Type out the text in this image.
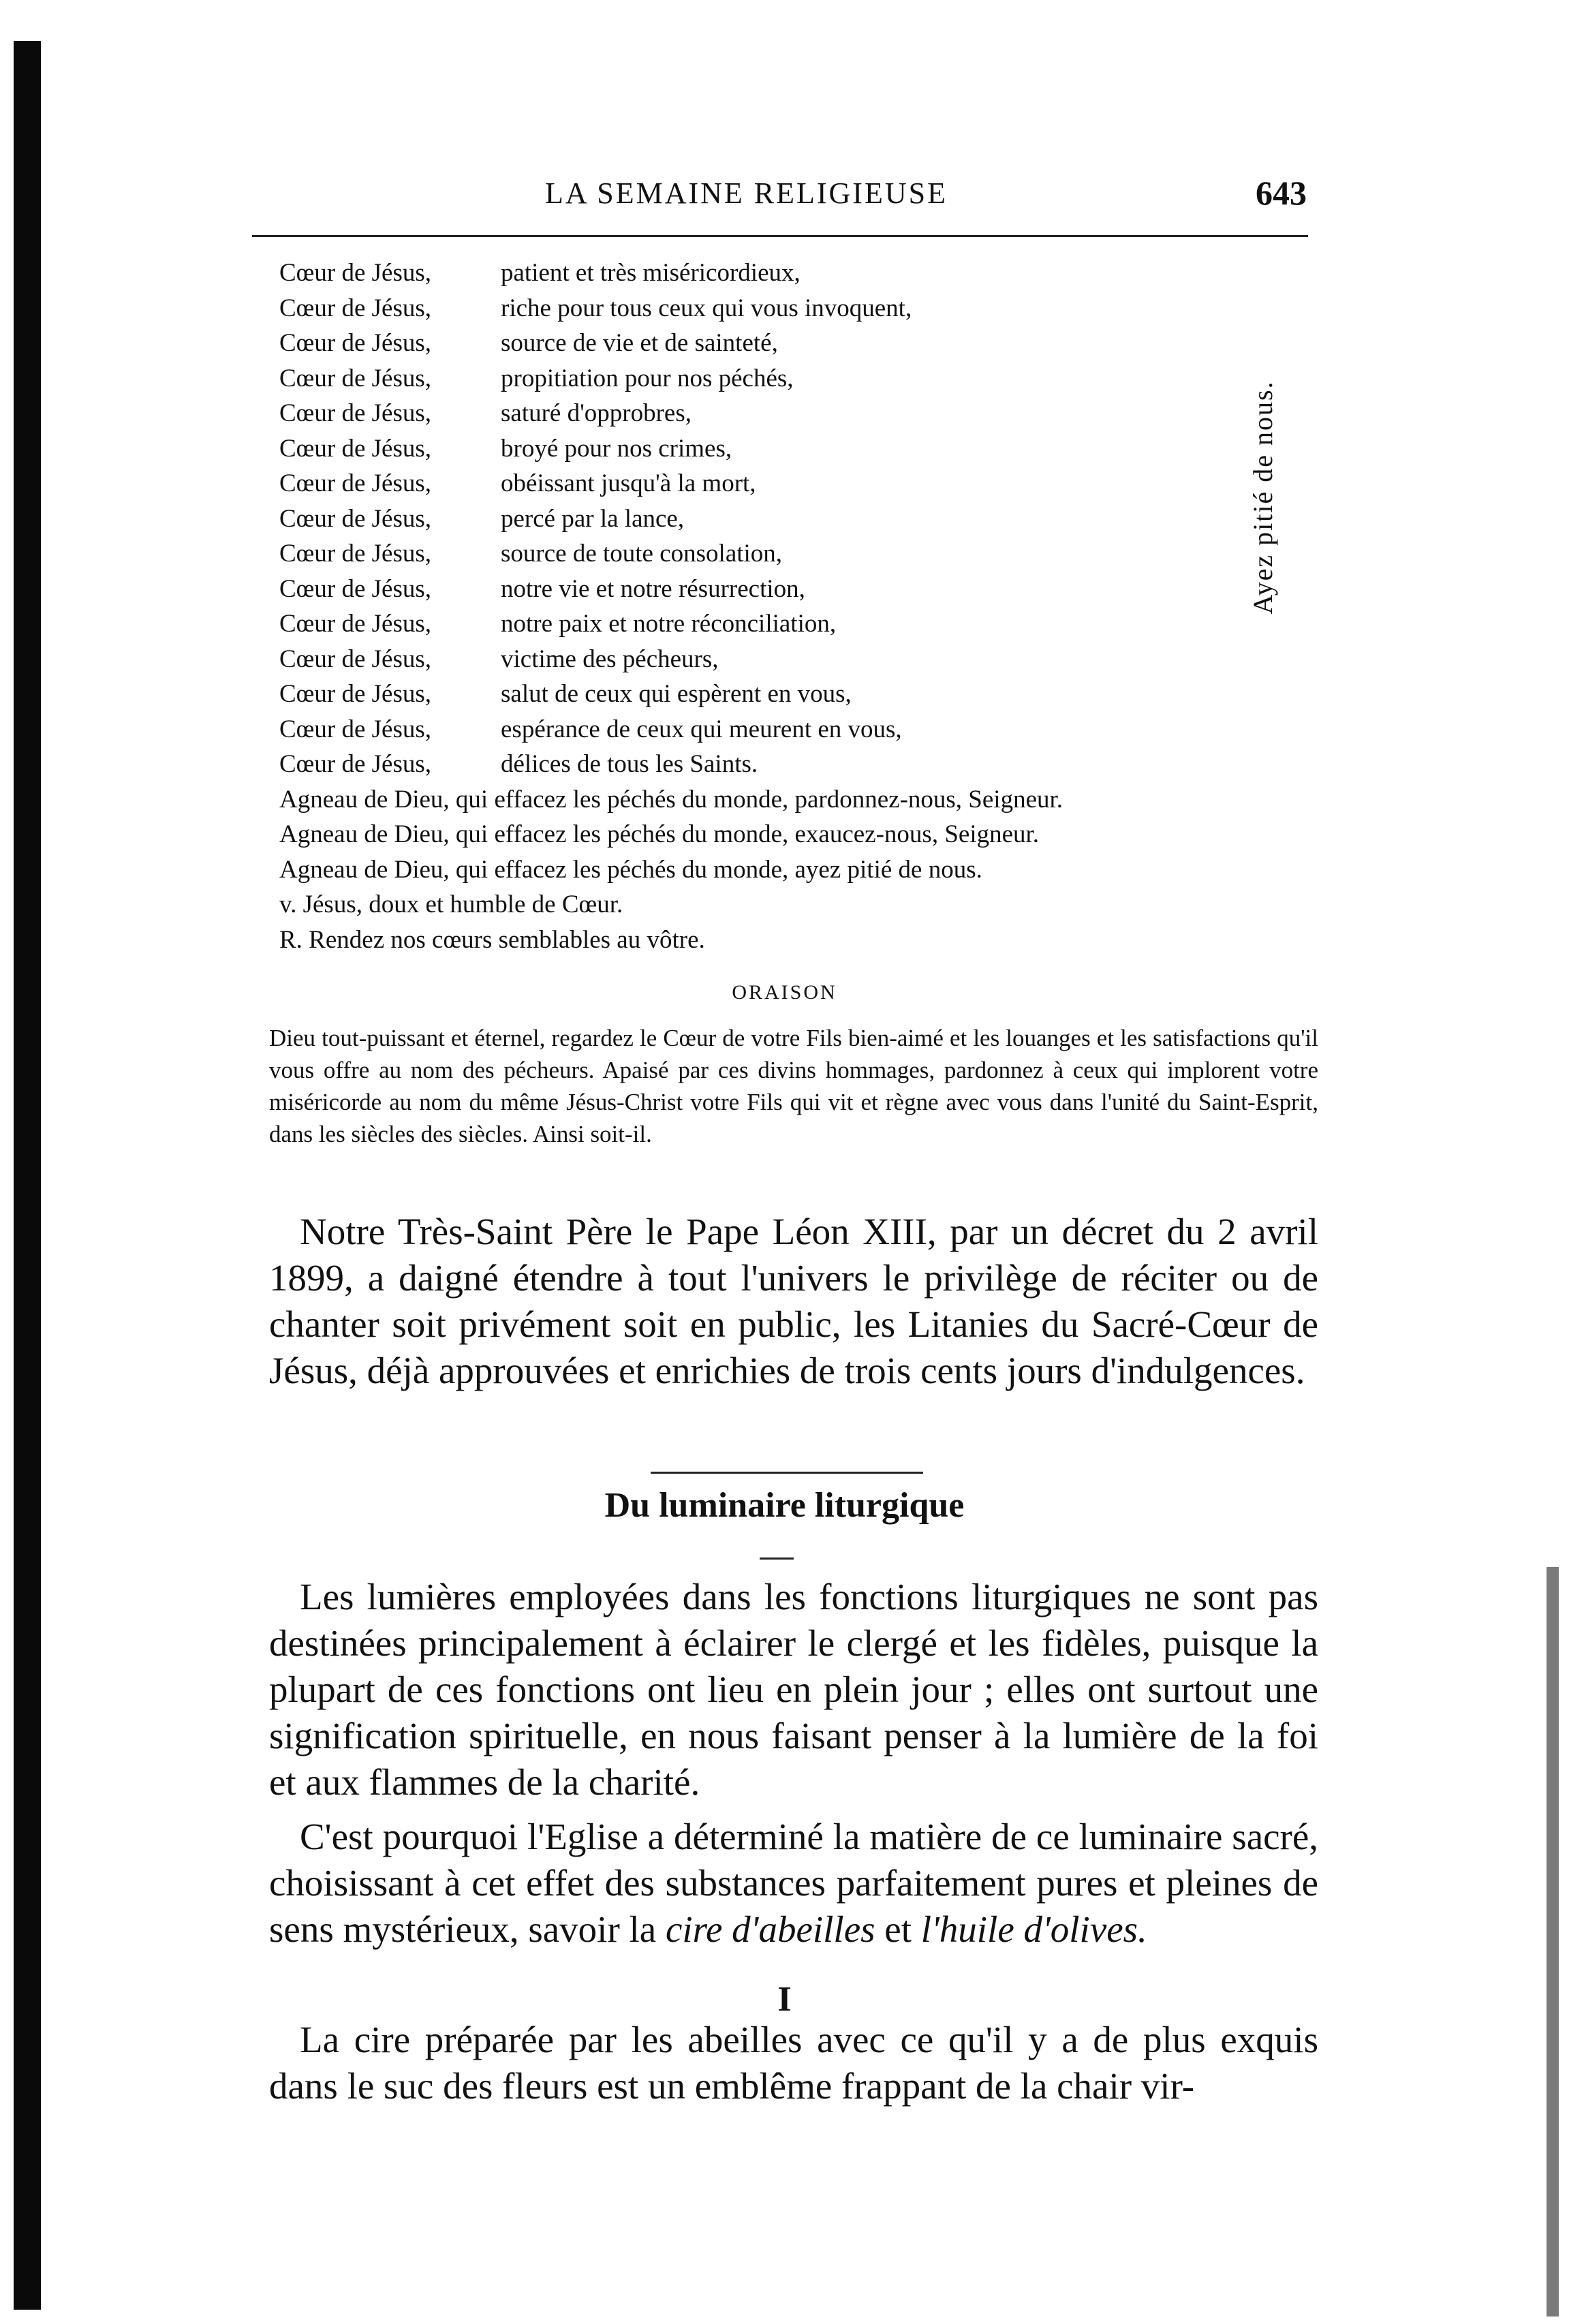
LA SEMAINE RELIGIEUSE	643
Cœur de Jésus,	patient et très miséricordieux,
Cœur de Jésus,	riche pour tous ceux qui vous invoquent,
Cœur de Jésus,	source de vie et de sainteté,
Cœur de Jésus,	propitiation pour nos péchés,
Cœur de Jésus,	saturé d'opprobres,
Cœur de Jésus,	broyé pour nos crimes,
Cœur de Jésus,	obéissant jusqu'à la mort,
Cœur de Jésus,	percé par la lance,
Cœur de Jésus,	source de toute consolation,
Cœur de Jésus,	notre vie et notre résurrection,
Cœur de Jésus,	notre paix et notre réconciliation,
Cœur de Jésus,	victime des pécheurs,
Cœur de Jésus,	salut de ceux qui espèrent en vous,
Cœur de Jésus,	espérance de ceux qui meurent en vous,
Cœur de Jésus,	délices de tous les Saints.
Agneau de Dieu, qui effacez les péchés du monde, pardonnez-nous, Seigneur.
Agneau de Dieu, qui effacez les péchés du monde, exaucez-nous, Seigneur.
Agneau de Dieu, qui effacez les péchés du monde, ayez pitié de nous.
v. Jésus, doux et humble de Cœur.
R. Rendez nos cœurs semblables au vôtre.
Ayez pitié de nous.
ORAISON
Dieu tout-puissant et éternel, regardez le Cœur de votre Fils bien-aimé et les louanges et les satisfactions qu'il vous offre au nom des pécheurs. Apaisé par ces divins hommages, pardonnez à ceux qui implorent votre miséricorde au nom du même Jésus-Christ votre Fils qui vit et règne avec vous dans l'unité du Saint-Esprit, dans les siècles des siècles. Ainsi soit-il.

Notre Très-Saint Père le Pape Léon XIII, par un décret du 2 avril 1899, a daigné étendre à tout l'univers le privilège de réciter ou de chanter soit privément soit en public, les Litanies du Sacré-Cœur de Jésus, déjà approuvées et enrichies de trois cents jours d'indulgences.

Du luminaire liturgique

Les lumières employées dans les fonctions liturgiques ne sont pas destinées principalement à éclairer le clergé et les fidèles, puisque la plupart de ces fonctions ont lieu en plein jour ; elles ont surtout une signification spirituelle, en nous faisant penser à la lumière de la foi et aux flammes de la charité.

C'est pourquoi l'Eglise a déterminé la matière de ce luminaire sacré, choisissant à cet effet des substances parfaitement pures et pleines de sens mystérieux, savoir la cire d'abeilles et l'huile d'olives.

I

La cire préparée par les abeilles avec ce qu'il y a de plus exquis dans le suc des fleurs est un emblême frappant de la chair vir-
